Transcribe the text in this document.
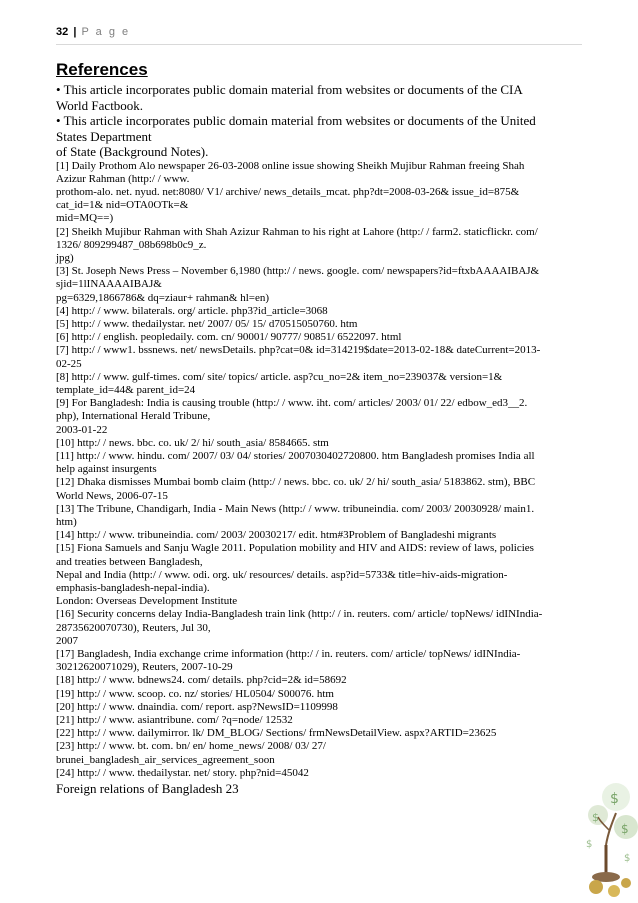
32 | P a g e
References
• This article incorporates public domain material from websites or documents of the CIA
World Factbook.
• This article incorporates public domain material from websites or documents of the United
States Department
of State (Background Notes).
[1] Daily Prothom Alo newspaper 26-03-2008 online issue showing Sheikh Mujibur Rahman freeing Shah
Azizur Rahman (http:/ / www.
prothom-alo. net. nyud. net:8080/ V1/ archive/ news_details_mcat. php?dt=2008-03-26& issue_id=875&
cat_id=1& nid=OTA0OTk=&
mid=MQ==)
[2] Sheikh Mujibur Rahman with Shah Azizur Rahman to his right at Lahore (http:/ / farm2. staticflickr. com/
1326/ 809299487_08b698b0c9_z.
jpg)
[3] St. Joseph News Press – November 6,1980 (http:/ / news. google. com/ newspapers?id=ftxbAAAAIBAJ&
sjid=1lINAAAAIBAJ&
pg=6329,1866786& dq=ziaur+ rahman& hl=en)
[4] http:/ / www. bilaterals. org/ article. php3?id_article=3068
[5] http:/ / www. thedailystar. net/ 2007/ 05/ 15/ d70515050760. htm
[6] http:/ / english. peopledaily. com. cn/ 90001/ 90777/ 90851/ 6522097. html
[7] http:/ / www1. bssnews. net/ newsDetails. php?cat=0& id=314219$date=2013-02-18& dateCurrent=2013-
02-25
[8] http:/ / www. gulf-times. com/ site/ topics/ article. asp?cu_no=2& item_no=239037& version=1&
template_id=44& parent_id=24
[9] For Bangladesh: India is causing trouble (http:/ / www. iht. com/ articles/ 2003/ 01/ 22/ edbow_ed3__2.
php), International Herald Tribune,
2003-01-22
[10] http:/ / news. bbc. co. uk/ 2/ hi/ south_asia/ 8584665. stm
[11] http:/ / www. hindu. com/ 2007/ 03/ 04/ stories/ 2007030402720800. htm Bangladesh promises India all
help against insurgents
[12] Dhaka dismisses Mumbai bomb claim (http:/ / news. bbc. co. uk/ 2/ hi/ south_asia/ 5183862. stm), BBC
World News, 2006-07-15
[13] The Tribune, Chandigarh, India - Main News (http:/ / www. tribuneindia. com/ 2003/ 20030928/ main1.
htm)
[14] http:/ / www. tribuneindia. com/ 2003/ 20030217/ edit. htm#3Problem of Bangladeshi migrants
[15] Fiona Samuels and Sanju Wagle 2011. Population mobility and HIV and AIDS: review of laws, policies
and treaties between Bangladesh,
Nepal and India (http:/ / www. odi. org. uk/ resources/ details. asp?id=5733& title=hiv-aids-migration-
emphasis-bangladesh-nepal-india).
London: Overseas Development Institute
[16] Security concerns delay India-Bangladesh train link (http:/ / in. reuters. com/ article/ topNews/ idINIndia-
28735620070730), Reuters, Jul 30,
2007
[17] Bangladesh, India exchange crime information (http:/ / in. reuters. com/ article/ topNews/ idINIndia-
30212620071029), Reuters, 2007-10-29
[18] http:/ / www. bdnews24. com/ details. php?cid=2& id=58692
[19] http:/ / www. scoop. co. nz/ stories/ HL0504/ S00076. htm
[20] http:/ / www. dnaindia. com/ report. asp?NewsID=1109998
[21] http:/ / www. asiantribune. com/ ?q=node/ 12532
[22] http:/ / www. dailymirror. lk/ DM_BLOG/ Sections/ frmNewsDetailView. aspx?ARTID=23625
[23] http:/ / www. bt. com. bn/ en/ home_news/ 2008/ 03/ 27/
brunei_bangladesh_air_services_agreement_soon
[24] http:/ / www. thedailystar. net/ story. php?nid=45042
Foreign relations of Bangladesh 23
$
$
$
$
$
